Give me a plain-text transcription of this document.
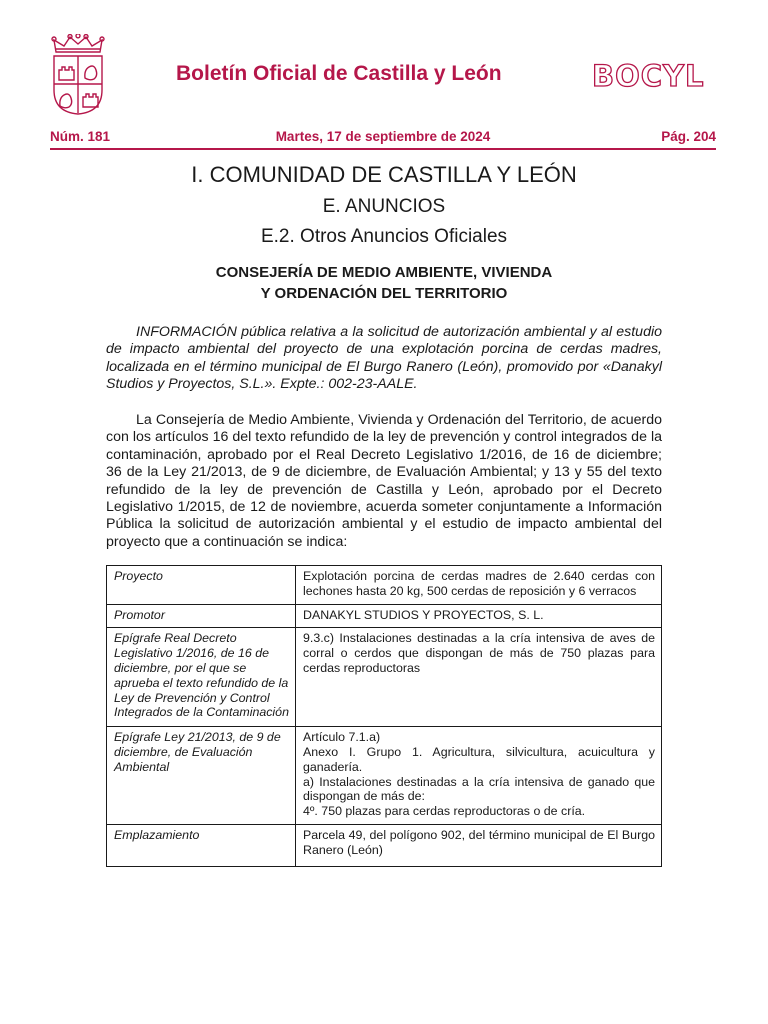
Boletín Oficial de Castilla y León	BOCYL
Núm. 181	Martes, 17 de septiembre de 2024	Pág. 204
I. COMUNIDAD DE CASTILLA Y LEÓN
E. ANUNCIOS
E.2. Otros Anuncios Oficiales
CONSEJERÍA DE MEDIO AMBIENTE, VIVIENDA
Y ORDENACIÓN DEL TERRITORIO

INFORMACIÓN pública relativa a la solicitud de autorización ambiental y al estudio de impacto ambiental del proyecto de una explotación porcina de cerdas madres, localizada en el término municipal de El Burgo Ranero (León), promovido por «Danakyl Studios y Proyectos, S.L.». Expte.: 002-23-AALE.

La Consejería de Medio Ambiente, Vivienda y Ordenación del Territorio, de acuerdo con los artículos 16 del texto refundido de la ley de prevención y control integrados de la contaminación, aprobado por el Real Decreto Legislativo 1/2016, de 16 de diciembre; 36 de la Ley 21/2013, de 9 de diciembre, de Evaluación Ambiental; y 13 y 55 del texto refundido de la ley de prevención de Castilla y León, aprobado por el Decreto Legislativo 1/2015, de 12 de noviembre, acuerda someter conjuntamente a Información Pública la solicitud de autorización ambiental y el estudio de impacto ambiental del proyecto que a continuación se indica:

Proyecto	Explotación porcina de cerdas madres de 2.640 cerdas con lechones hasta 20 kg, 500 cerdas de reposición y 6 verracos
Promotor	DANAKYL STUDIOS Y PROYECTOS, S. L.
Epígrafe Real Decreto Legislativo 1/2016, de 16 de diciembre, por el que se aprueba el texto refundido de la Ley de Prevención y Control Integrados de la Contaminación	9.3.c) Instalaciones destinadas a la cría intensiva de aves de corral o cerdos que dispongan de más de 750 plazas para cerdas reproductoras
Epígrafe Ley 21/2013, de 9 de diciembre, de Evaluación Ambiental	Artículo 7.1.a)
Anexo I. Grupo 1. Agricultura, silvicultura, acuicultura y ganadería.
a) Instalaciones destinadas a la cría intensiva de ganado que dispongan de más de:
4º. 750 plazas para cerdas reproductoras o de cría.

Emplazamiento	Parcela 49, del polígono 902, del término municipal de El Burgo Ranero (León)
